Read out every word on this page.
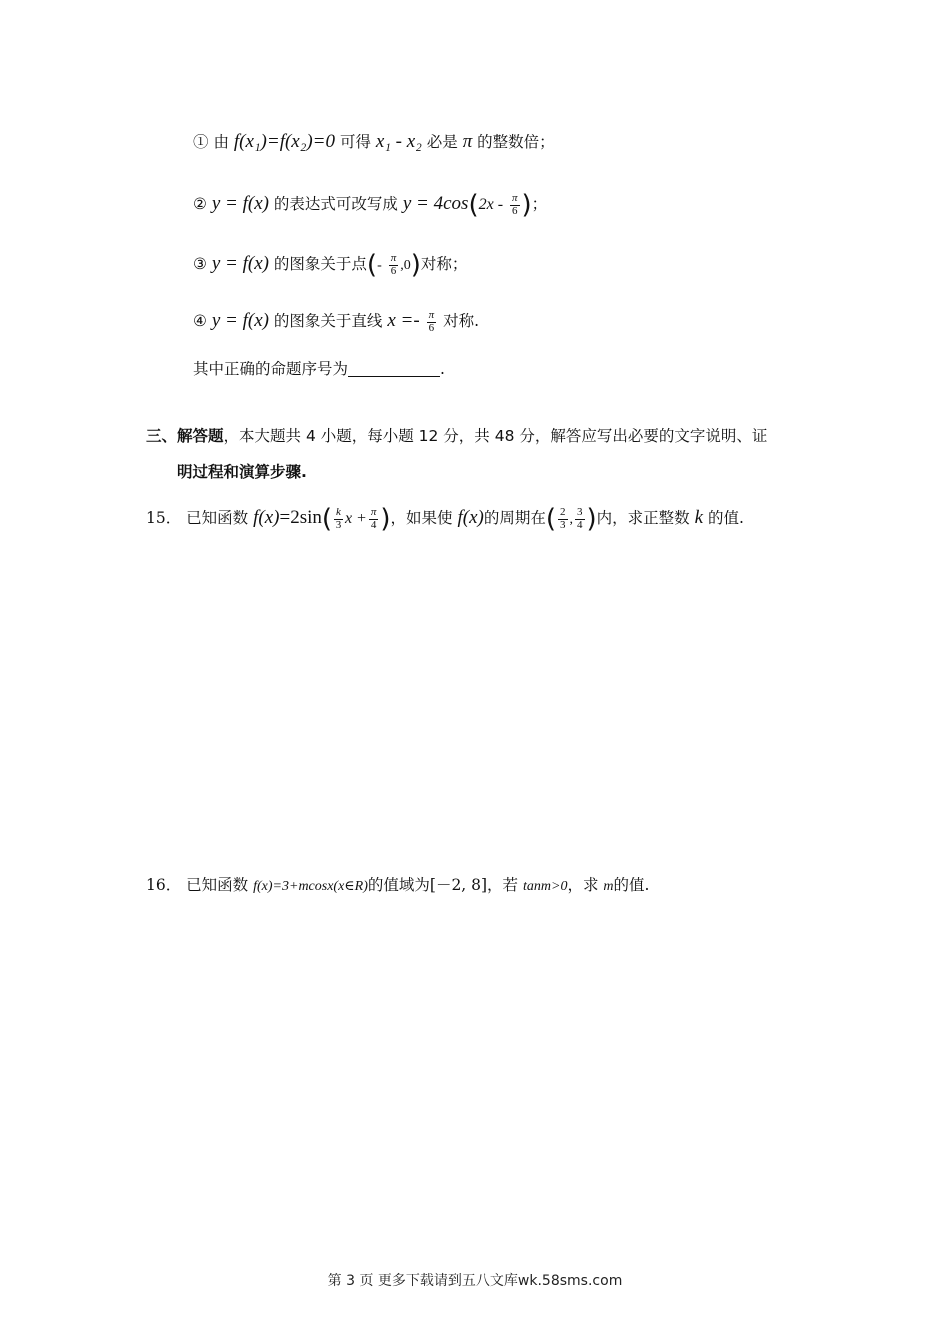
① 由 f(x₁)=f(x₂)=0 可得 x₁ - x₂ 必是 π 的整数倍；
② y = f(x) 的表达式可改写成 $y = 4\cos(2x - \frac{\pi}{6}$ )；
③ y = f(x) 的图象关于点(- $\frac{\pi}{6} ,0$)对称；
④ y = f(x) 的图象关于直线 $x =- \frac{\pi}{6}$ 对称.
其中正确的命题序号为	.
三、解答题，本大题共 4 小题，每小题 12 分，共 48 分，解答应写出必要的文字说明、证
明过程和演算步骤.
15． 已知函数 $f(x)=2\sin( \frac{k}{3}$ $x + \frac{\pi}{4}$ )，如果使 f(x)的周期在( $\frac{2}{3}$ , $\frac{3}{4}$ )内，求正整数 k 的值.
16． 已知函数 f(x)=3+mcosx(x∈R)的值域为[－2, 8]，若 tanm>0，求 m的值.
第 3 页 更多下载请到五八文库wk.58sms.com
